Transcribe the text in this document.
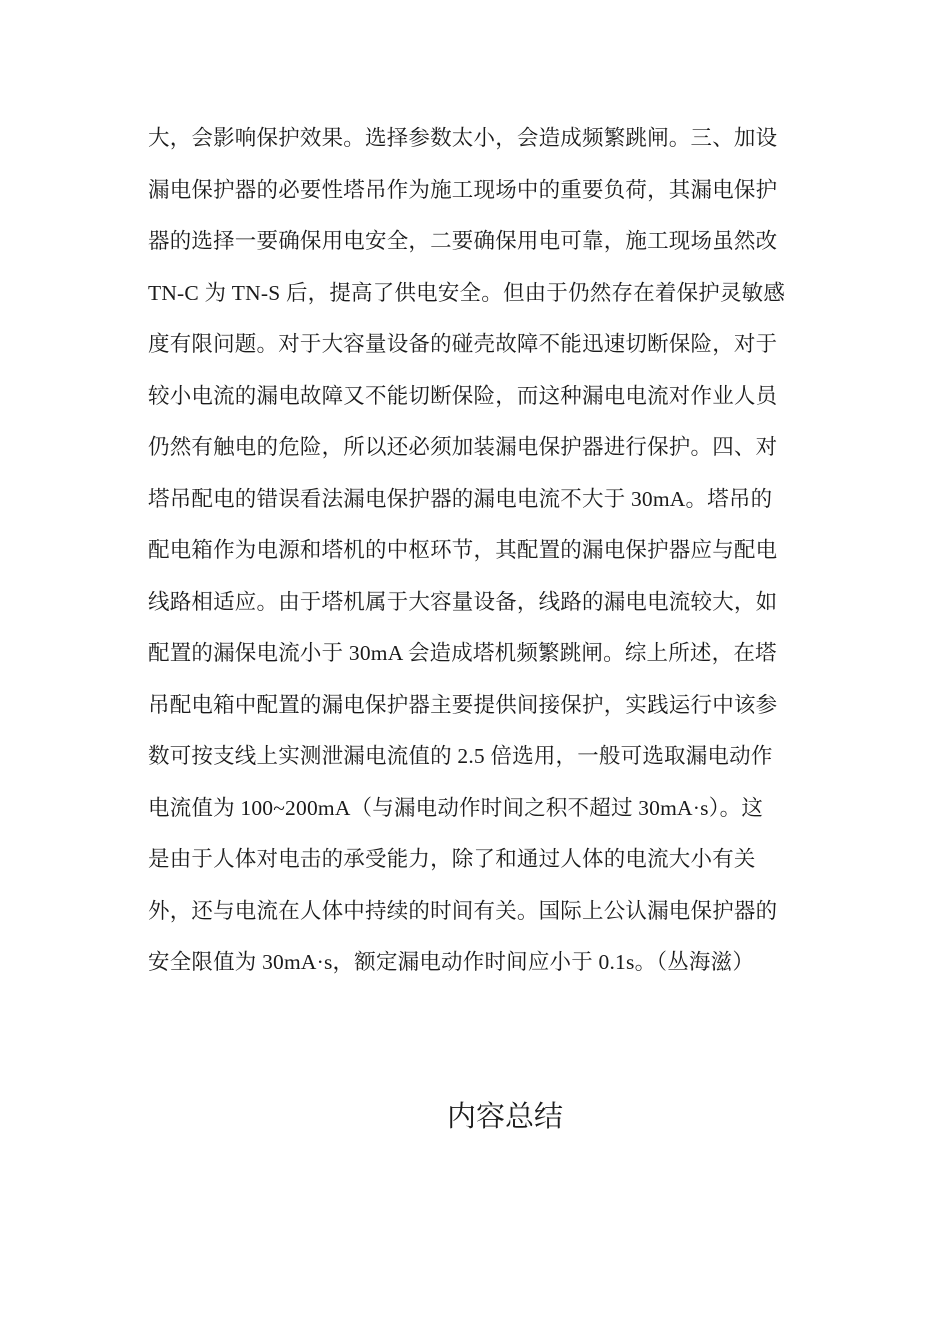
大，会影响保护效果。选择参数太小，会造成频繁跳闸。三、加设
漏电保护器的必要性塔吊作为施工现场中的重要负荷，其漏电保护
器的选择一要确保用电安全，二要确保用电可靠，施工现场虽然改
TN-C 为 TN-S 后，提高了供电安全。但由于仍然存在着保护灵敏感
度有限问题。对于大容量设备的碰壳故障不能迅速切断保险，对于
较小电流的漏电故障又不能切断保险，而这种漏电电流对作业人员
仍然有触电的危险，所以还必须加装漏电保护器进行保护。四、对
塔吊配电的错误看法漏电保护器的漏电电流不大于 30mA。塔吊的
配电箱作为电源和塔机的中枢环节，其配置的漏电保护器应与配电
线路相适应。由于塔机属于大容量设备，线路的漏电电流较大，如
配置的漏保电流小于 30mA 会造成塔机频繁跳闸。综上所述，在塔
吊配电箱中配置的漏电保护器主要提供间接保护，实践运行中该参
数可按支线上实测泄漏电流值的 2.5 倍选用，一般可选取漏电动作
电流值为 100~200mA（与漏电动作时间之积不超过 30mA·s）。这
是由于人体对电击的承受能力，除了和通过人体的电流大小有关
外，还与电流在人体中持续的时间有关。国际上公认漏电保护器的
安全限值为 30mA·s，额定漏电动作时间应小于 0.1s。（丛海滋）
内容总结
